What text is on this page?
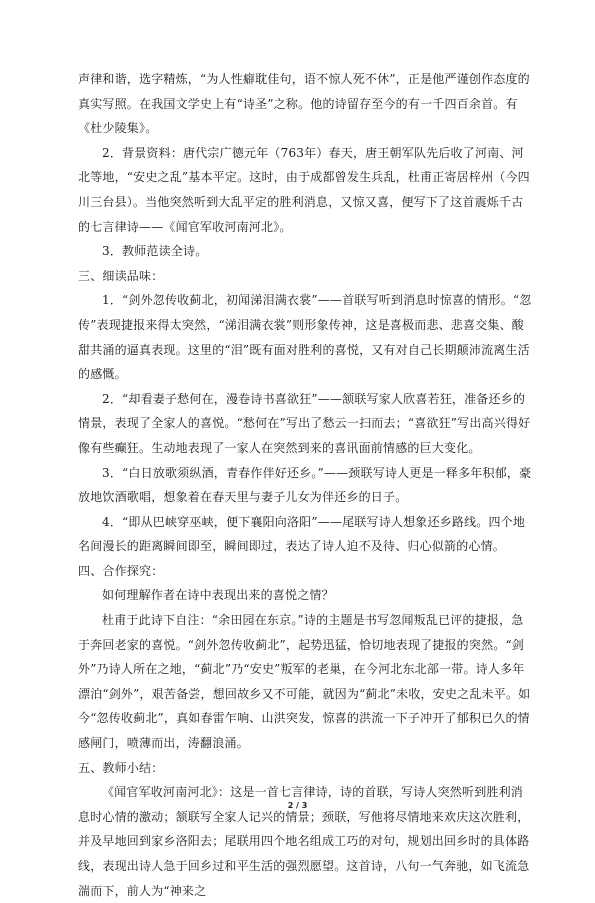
声律和谐，选字精炼，“为人性癖耽佳句，语不惊人死不休”，正是他严谨创作态度的真实写照。在我国文学史上有“诗圣”之称。他的诗留存至今的有一千四百余首。有《杜少陵集》。

2．背景资料：唐代宗广德元年（763年）春天，唐王朝军队先后收了河南、河北等地，“安史之乱”基本平定。这时，由于成都曾发生兵乱，杜甫正寄居梓州（今四川三台县）。当他突然听到大乱平定的胜利消息，又惊又喜，便写下了这首震烁千古的七言律诗——《闻官军收河南河北》。

3．教师范读全诗。

三、细读品味：

1．“剑外忽传收蓟北，初闻涕泪满衣裳”——首联写听到消息时惊喜的情形。“忽传”表现捷报来得太突然，“涕泪满衣裳”则形象传神，这是喜极而悲、悲喜交集、酸甜共涌的逼真表现。这里的“泪”既有面对胜利的喜悦，又有对自己长期颠沛流离生活的感慨。

2．“却看妻子愁何在，漫卷诗书喜欲狂”——颔联写家人欣喜若狂，准备还乡的情景，表现了全家人的喜悦。“愁何在”写出了愁云一扫而去；“喜欲狂”写出高兴得好像有些癫狂。生动地表现了一家人在突然到来的喜讯面前情感的巨大变化。

3．“白日放歌须纵酒，青春作伴好还乡。”——颈联写诗人更是一释多年积郁，豪放地饮酒歌唱，想象着在春天里与妻子儿女为伴还乡的日子。

4．“即从巴峡穿巫峡，便下襄阳向洛阳”——尾联写诗人想象还乡路线。四个地名间漫长的距离瞬间即至，瞬间即过，表达了诗人迫不及待、归心似箭的心情。

四、合作探究：

如何理解作者在诗中表现出来的喜悦之情？

杜甫于此诗下自注：“余田园在东京。”诗的主题是书写忽闻叛乱已评的捷报，急于奔回老家的喜悦。“剑外忽传收蓟北”，起势迅猛，恰切地表现了捷报的突然。“剑外”乃诗人所在之地，“蓟北”乃“安史”叛军的老巢，在今河北东北部一带。诗人多年漂泊“剑外”，艰苦备尝，想回故乡又不可能，就因为“蓟北”未收，安史之乱未平。如今“忽传收蓟北”，真如春雷乍响、山洪突发，惊喜的洪流一下子冲开了郁积已久的情感闸门，喷薄而出，涛翻浪涌。

五、教师小结：

《闻官军收河南河北》：这是一首七言律诗，诗的首联，写诗人突然听到胜利消息时心情的激动；颔联写全家人记兴的情景；颈联，写他将尽情地来欢庆这次胜利，并及早地回到家乡洛阳去；尾联用四个地名组成工巧的对句，规划出回乡时的具体路线，表现出诗人急于回乡过和平生活的强烈愿望。这首诗，八句一气奔驰，如飞流急湍而下，前人为“神来之

2 / 3
